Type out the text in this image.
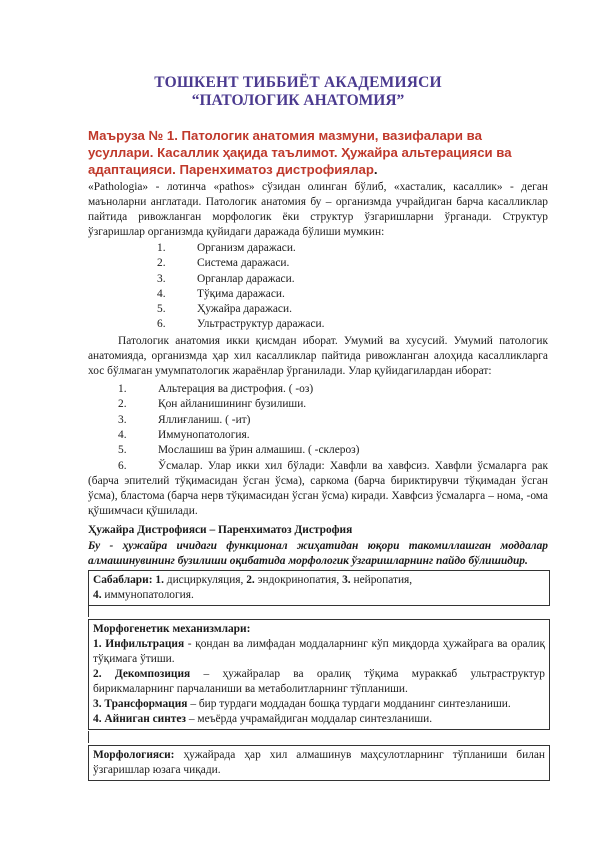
ТОШКЕНТ ТИББИЁТ АКАДЕМИЯСИ
“ПАТОЛОГИК АНАТОМИЯ”
Маъруза № 1. Патологик анатомия мазмуни, вазифалари ва усуллари. Касаллик ҳақида таълимот. Ҳужайра альтерацияси ва адаптацияси. Паренхиматоз дистрофиялар.
«Pathologia» - лотинча «pathos» сўзидан олинган бўлиб, «хасталик, касаллик» - деган маъноларни англатади. Патологик анатомия бу – организмда учрайдиган барча касалликлар пайтида ривожланган морфологик ёки структур ўзгаришларни ўрганади. Структур ўзгаришлар организмда қуйидаги даражада бўлиши мумкин:
1.	Организм даражаси.
2.	Система даражаси.
3.	Органлар даражаси.
4.	Тўқима даражаси.
5.	Ҳужайра даражаси.
6.	Ультраструктур даражаси.
Патологик анатомия икки қисмдан иборат. Умумий ва хусусий. Умумий патологик анатомияда, организмда ҳар хил касалликлар пайтида ривожланган алоҳида касалликларга хос бўлмаган умумпатологик жараёнлар ўрганилади. Улар қуйидагилардан иборат:
1.	Альтерация ва дистрофия. ( -оз)
2.	Қон айланишининг бузилиши.
3.	Яллиғланиш. ( -ит)
4.	Иммунопатология.
5.	Мослашиш ва ўрин алмашиш. ( -склероз)
6.	Ўсмалар. Улар икки хил бўлади: Хавфли ва хавфсиз. Хавфли ўсмаларга рак (барча эпителий тўқимасидан ўсган ўсма), саркома (барча бириктирувчи тўқимадан ўсган ўсма), бластома (барча нерв тўқимасидан ўсган ўсма) киради. Хавфсиз ўсмаларга – нома, -ома қўшимчаси қўшилади.
Ҳужайра Дистрофияси – Паренхиматоз Дистрофия
Бу - ҳужайра ичидаги функционал жиҳатидан юқори такомиллашган моддалар алмашинувининг бузилиши оқибатида морфологик ўзгаришларнинг пайдо бўлишидир.
Сабаблари: 1. дисциркуляция, 2. эндокринопатия, 3. нейропатия,
4. иммунопатология.
Морфогенетик механизмлари:
1. Инфильтрация - қондан ва лимфадан моддаларнинг кўп миқдорда ҳужайрага ва оралиқ тўқимага ўтиши.
2. Декомпозиция – ҳужайралар ва оралиқ тўқима мураккаб ультраструктур бирикмаларнинг парчаланиши ва метаболитларнинг тўпланиши.
3. Трансформация – бир турдаги моддадан бошқа турдаги модданинг синтезланиши.
4. Айниган синтез – меъёрда учрамайдиган моддалар синтезланиши.
Морфологияси: ҳужайрада ҳар хил алмашинув маҳсулотларнинг тўпланиши билан ўзгаришлар юзага чиқади.
